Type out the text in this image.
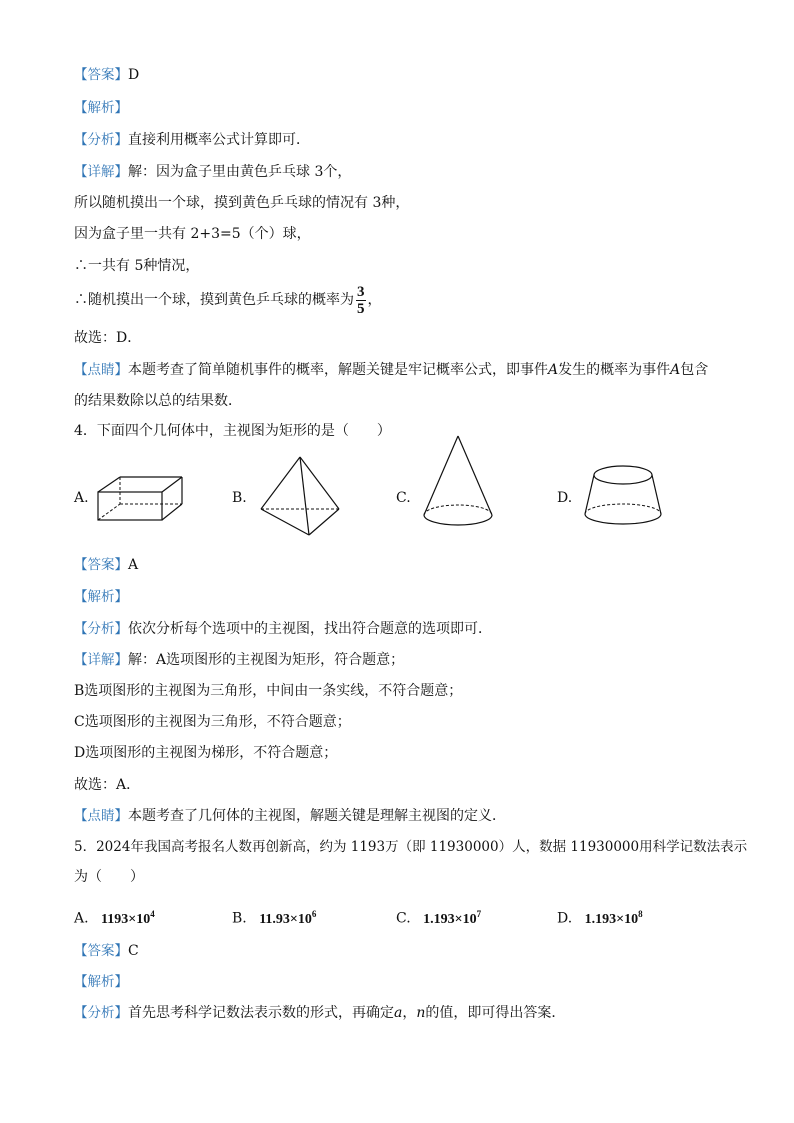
【答案】D
【解析】
【分析】直接利用概率公式计算即可．
【详解】解：因为盒子里由黄色乒乓球 3个，
所以随机摸出一个球，摸到黄色乒乓球的情况有 3种，
因为盒子里一共有 2+3=5（个）球，
∴一共有 5种情况，
∴随机摸出一个球，摸到黄色乒乓球的概率为 $\frac{3}{5}$ ，
故选：D．
【点睛】本题考查了简单随机事件的概率，解题关键是牢记概率公式，即事件A发生的概率为事件A包含
的结果数除以总的结果数．
4．下面四个几何体中，主视图为矩形的是（　　）
A.	B.	C.	D.
【答案】A
【解析】
【分析】依次分析每个选项中的主视图，找出符合题意的选项即可．
【详解】解：A选项图形的主视图为矩形，符合题意；
B选项图形的主视图为三角形，中间由一条实线，不符合题意；
C选项图形的主视图为三角形，不符合题意；
D选项图形的主视图为梯形，不符合题意；
故选：A．
【点睛】本题考查了几何体的主视图，解题关键是理解主视图的定义．
5．2024年我国高考报名人数再创新高，约为 1193万（即 11930000）人，数据 11930000用科学记数法表示
为（　　）
A. $1193\times 10^4$	B. $11.93\times 10^6$	C. $1.193\times 10^7$	D. $1.193\times 10^8$
【答案】C
【解析】
【分析】首先思考科学记数法表示数的形式，再确定a，n的值，即可得出答案．
